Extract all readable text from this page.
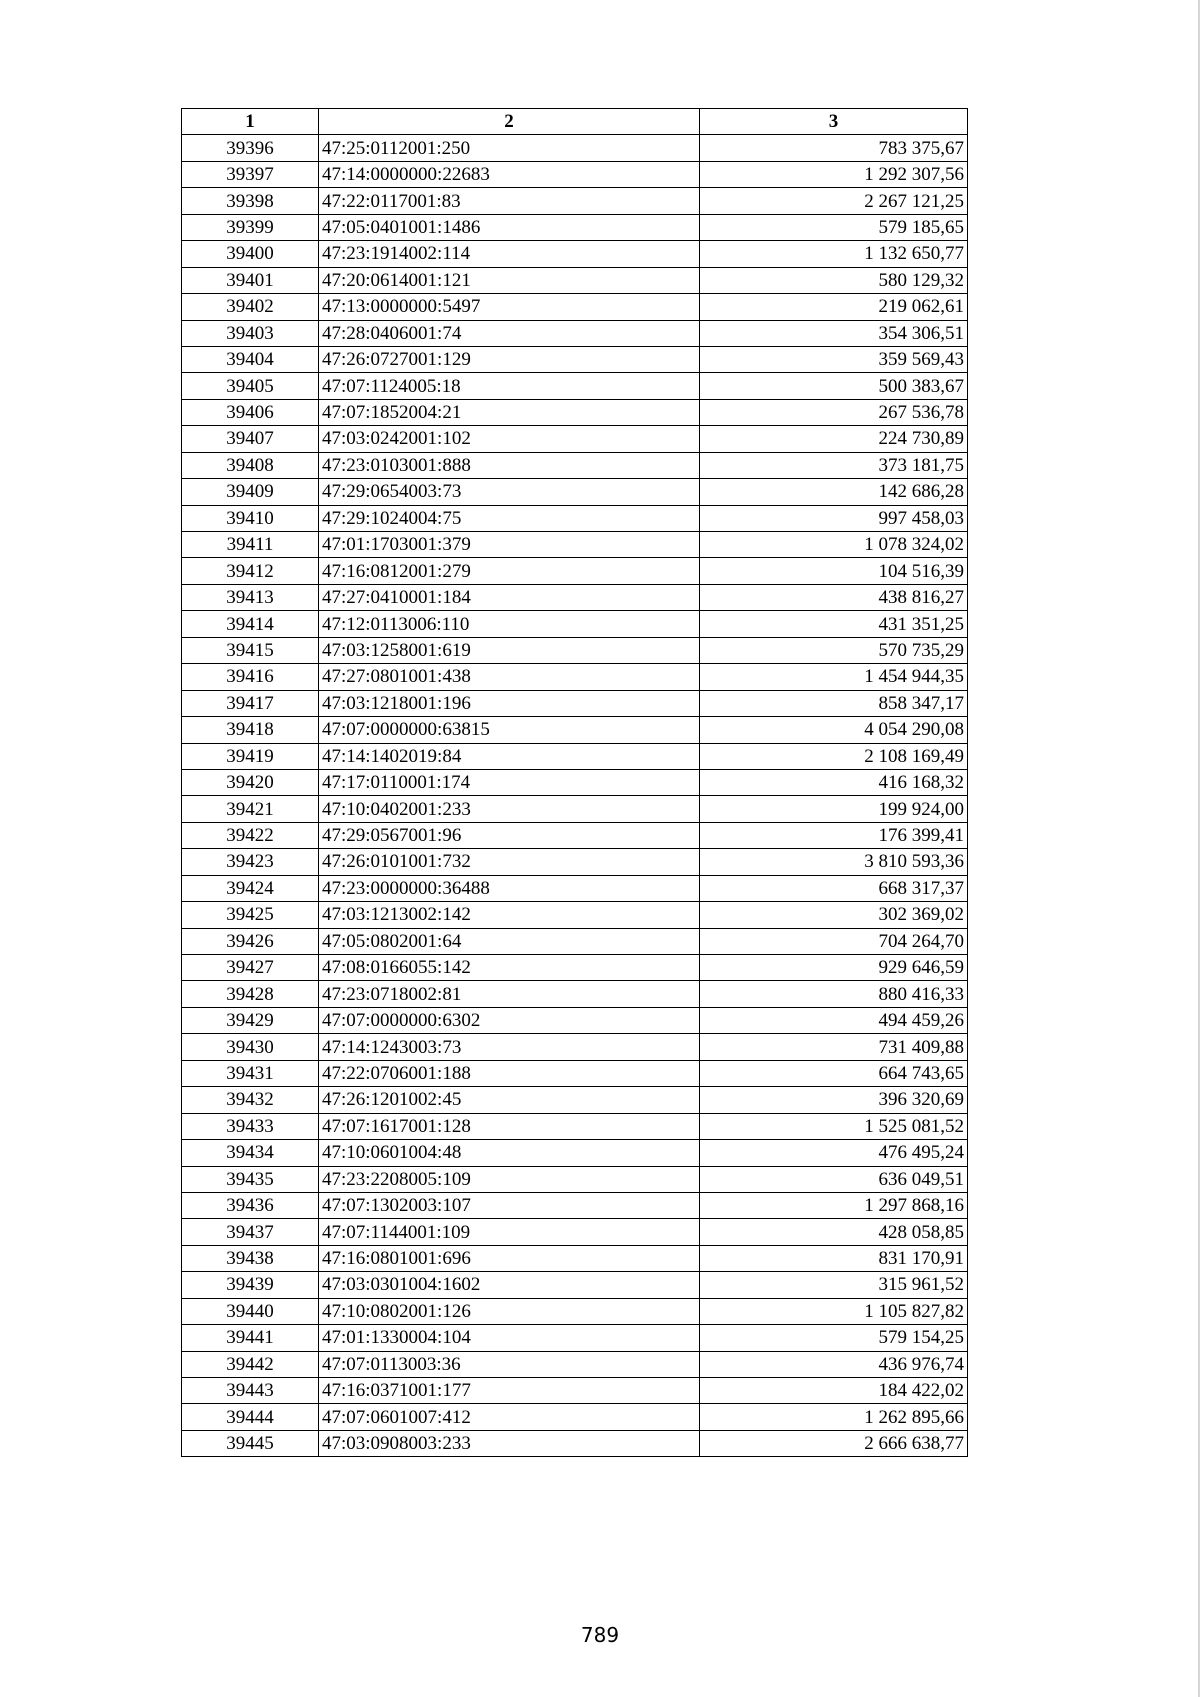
1	2	3
39396	47:25:0112001:250	783 375,67
39397	47:14:0000000:22683	1 292 307,56
39398	47:22:0117001:83	2 267 121,25
39399	47:05:0401001:1486	579 185,65
39400	47:23:1914002:114	1 132 650,77
39401	47:20:0614001:121	580 129,32
39402	47:13:0000000:5497	219 062,61
39403	47:28:0406001:74	354 306,51
39404	47:26:0727001:129	359 569,43
39405	47:07:1124005:18	500 383,67
39406	47:07:1852004:21	267 536,78
39407	47:03:0242001:102	224 730,89
39408	47:23:0103001:888	373 181,75
39409	47:29:0654003:73	142 686,28
39410	47:29:1024004:75	997 458,03
39411	47:01:1703001:379	1 078 324,02
39412	47:16:0812001:279	104 516,39
39413	47:27:0410001:184	438 816,27
39414	47:12:0113006:110	431 351,25
39415	47:03:1258001:619	570 735,29
39416	47:27:0801001:438	1 454 944,35
39417	47:03:1218001:196	858 347,17
39418	47:07:0000000:63815	4 054 290,08
39419	47:14:1402019:84	2 108 169,49
39420	47:17:0110001:174	416 168,32
39421	47:10:0402001:233	199 924,00
39422	47:29:0567001:96	176 399,41
39423	47:26:0101001:732	3 810 593,36
39424	47:23:0000000:36488	668 317,37
39425	47:03:1213002:142	302 369,02
39426	47:05:0802001:64	704 264,70
39427	47:08:0166055:142	929 646,59
39428	47:23:0718002:81	880 416,33
39429	47:07:0000000:6302	494 459,26
39430	47:14:1243003:73	731 409,88
39431	47:22:0706001:188	664 743,65
39432	47:26:1201002:45	396 320,69
39433	47:07:1617001:128	1 525 081,52
39434	47:10:0601004:48	476 495,24
39435	47:23:2208005:109	636 049,51
39436	47:07:1302003:107	1 297 868,16
39437	47:07:1144001:109	428 058,85
39438	47:16:0801001:696	831 170,91
39439	47:03:0301004:1602	315 961,52
39440	47:10:0802001:126	1 105 827,82
39441	47:01:1330004:104	579 154,25
39442	47:07:0113003:36	436 976,74
39443	47:16:0371001:177	184 422,02
39444	47:07:0601007:412	1 262 895,66
39445	47:03:0908003:233	2 666 638,77
789
